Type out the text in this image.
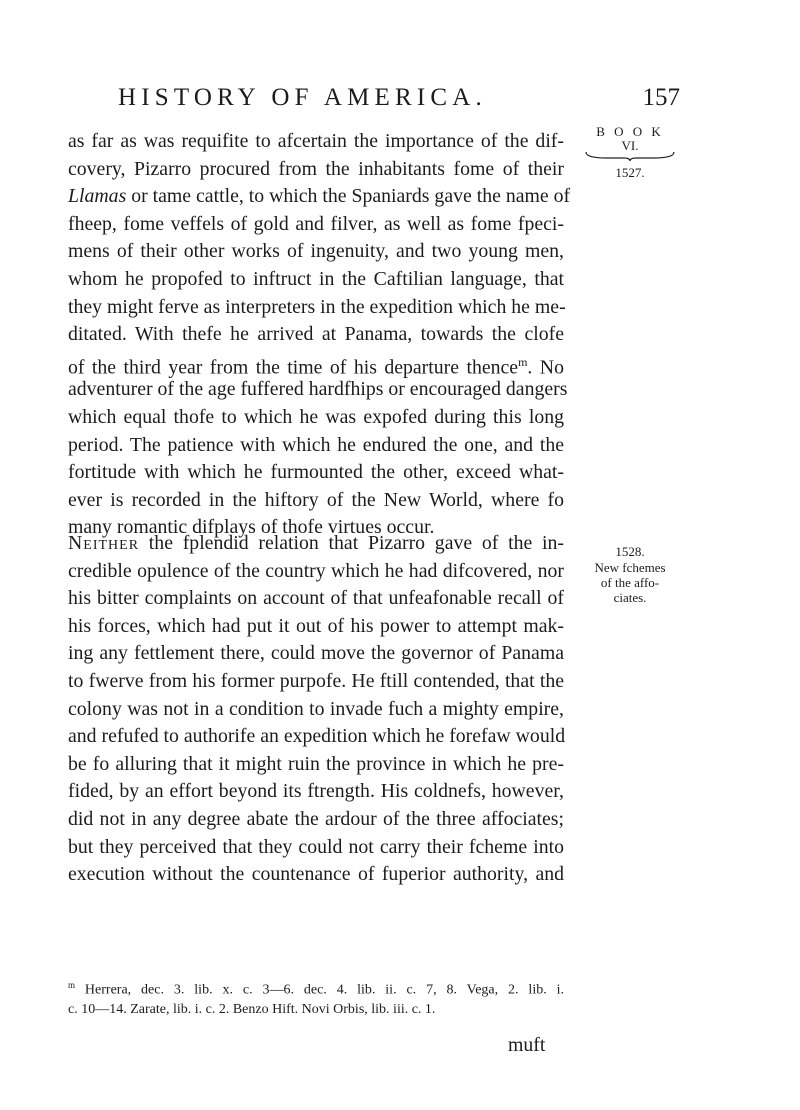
HISTORY OF AMERICA.	157
B O O K
VI.
1527.
as far as was requifite to afcertain the importance of the dif-
covery, Pizarro procured from the inhabitants fome of their
Llamas or tame cattle, to which the Spaniards gave the name of
fheep, fome veffels of gold and filver, as well as fome fpeci-
mens of their other works of ingenuity, and two young men,
whom he propofed to inftruct in the Caftilian language, that
they might ferve as interpreters in the expedition which he me-
ditated. With thefe he arrived at Panama, towards the clofe
of the third year from the time of his departure thence$^m$. No
adventurer of the age fuffered hardfhips or encouraged dangers
which equal thofe to which he was expofed during this long
period. The patience with which he endured the one, and the
fortitude with which he furmounted the other, exceed what-
ever is recorded in the hiftory of the New World, where fo
many romantic difplays of thofe virtues occur.
1528.
New fchemes
of the affo-
ciates.
Neither the fplendid relation that Pizarro gave of the in-
credible opulence of the country which he had difcovered, nor
his bitter complaints on account of that unfeafonable recall of
his forces, which had put it out of his power to attempt mak-
ing any fettlement there, could move the governor of Panama
to fwerve from his former purpofe. He ftill contended, that the
colony was not in a condition to invade fuch a mighty empire,
and refufed to authorife an expedition which he forefaw would
be fo alluring that it might ruin the province in which he pre-
fided, by an effort beyond its ftrength. His coldnefs, however,
did not in any degree abate the ardour of the three affociates;
but they perceived that they could not carry their fcheme into
execution without the countenance of fuperior authority, and
$^m$ Herrera, dec. 3. lib. x. c. 3—6. dec. 4. lib. ii. c. 7, 8. Vega, 2. lib. i.
c. 10—14. Zarate, lib. i. c. 2. Benzo Hift. Novi Orbis, lib. iii. c. 1.
muft
